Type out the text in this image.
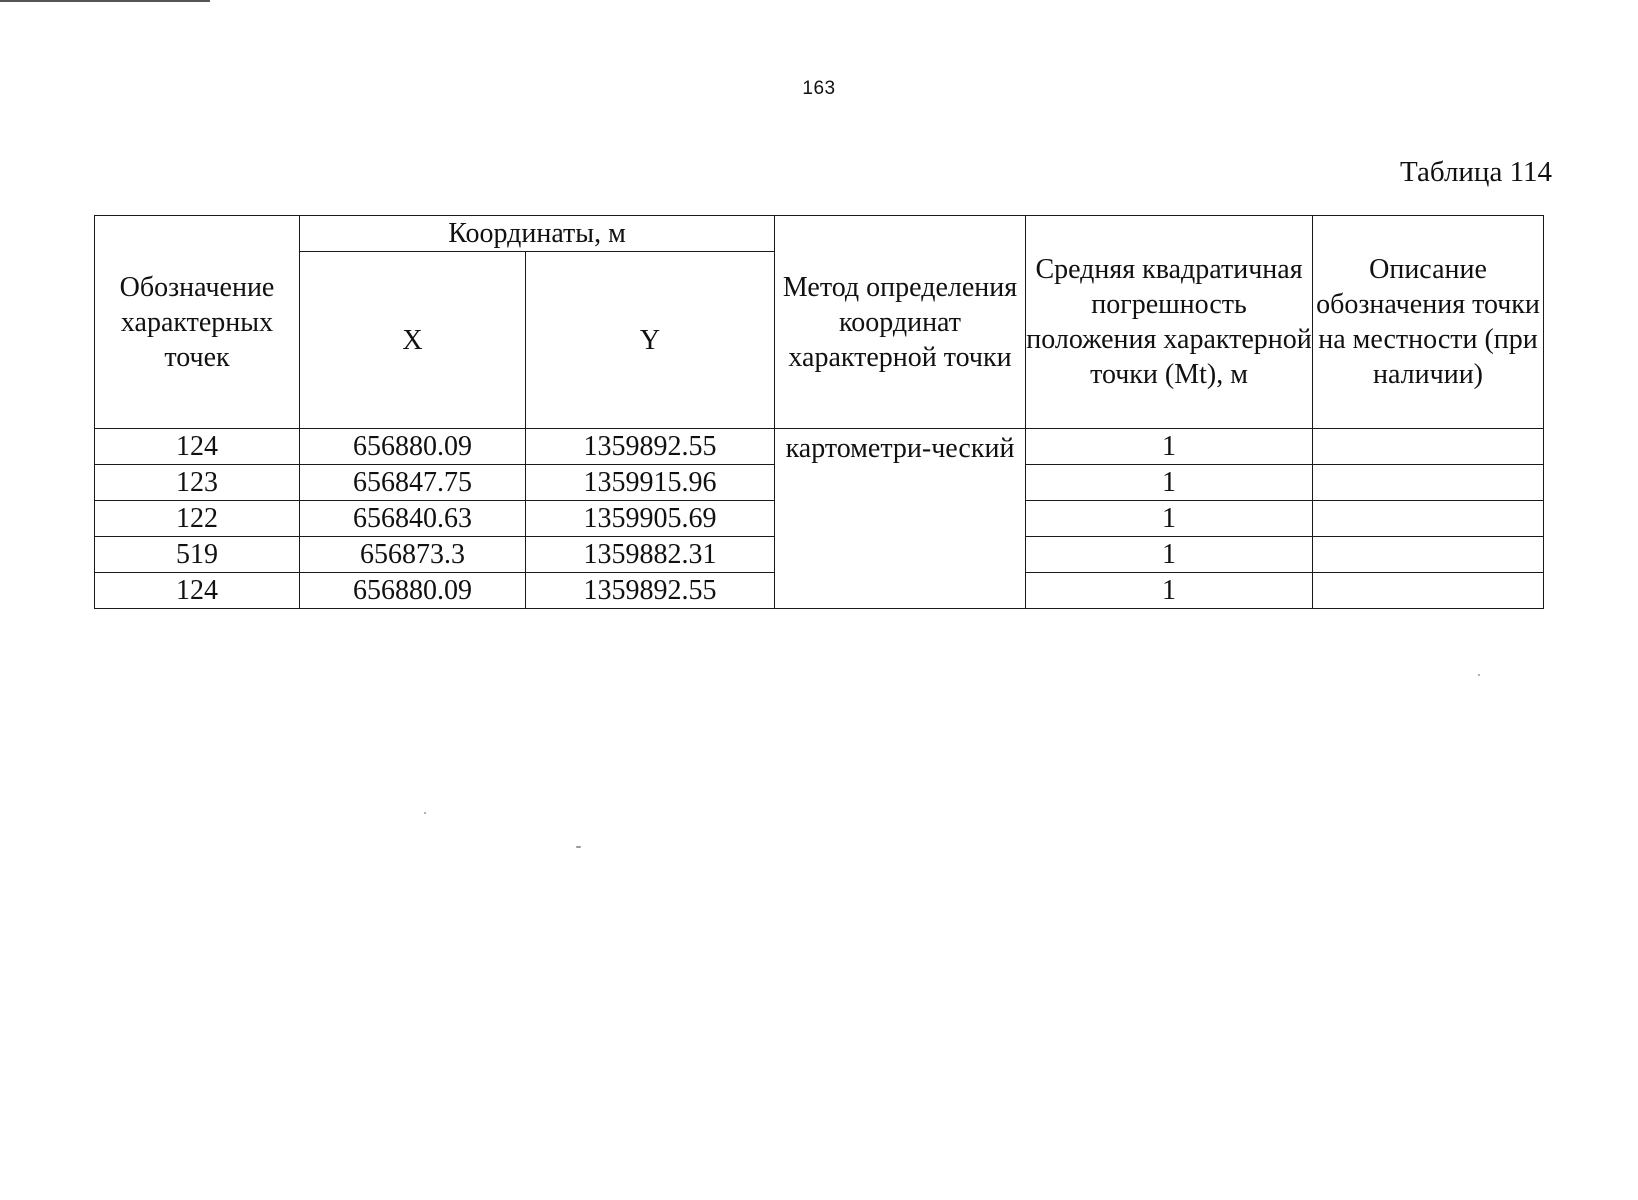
163
Таблица 114
Обозначение характерных точек	Координаты, м		Метод определения координат характерной точки	Средняя квадратичная погрешность положения характерной точки (Mt), м	Описание обозначения точки на местности (при наличии)

	X	Y			
124	656880.09	1359892.55	картометри-ческий	1	
123	656847.75	1359915.96		1	
122	656840.63	1359905.69		1	
519	656873.3	1359882.31		1	
124	656880.09	1359892.55		1	
